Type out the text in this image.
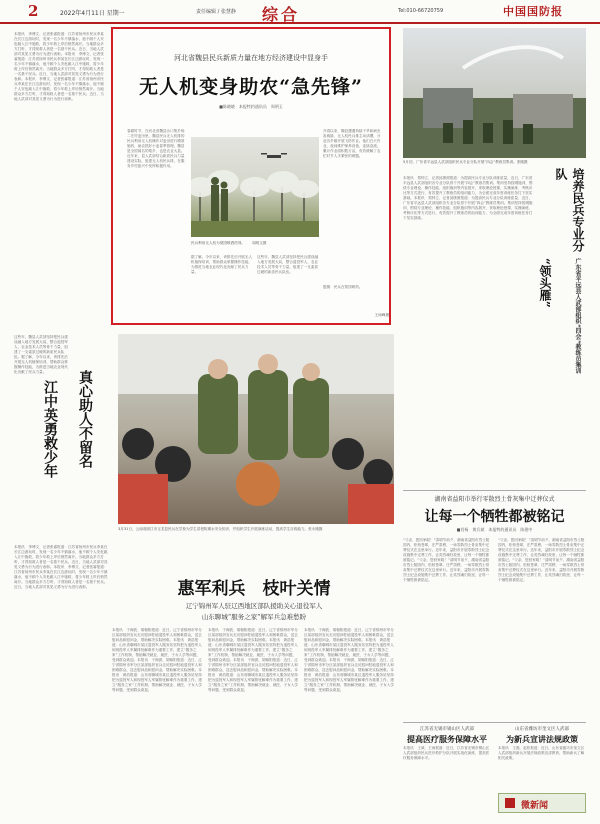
2	2022年4月11日 星期一	责任编辑 / 张慧静 综合	Tel:010-66720759	中国国防报
本报讯　李博文、记者张睿报道：江苏省扬州市民兵李某在长江边游玩时，发现一名少年不慎落水，他不顾个人安危跳入江中施救，将少年救上岸后悄然离开。当地群众多方打听，才得知救人者是一名基干民兵。近日，当地人武部对其见义勇为行为进行表彰。本报讯　李博文、记者张睿报道：江苏省扬州市民兵李某在长江边游玩时，发现一名少年不慎落水，他不顾个人安危跳入江中施救，将少年救上岸后悄然离开。当地群众多方打听，才得知救人者是一名基干民兵。近日，当地人武部对其见义勇为行为进行表彰。本报讯　李博文、记者张睿报道：江苏省扬州市民兵李某在长江边游玩时，发现一名少年不慎落水，他不顾个人安危跳入江中施救，将少年救上岸后悄然离开。当地群众多方打听，才得知救人者是一名基干民兵。近日，当地人武部对其见义勇为行为进行表彰。
河北省魏县民兵新质力量在地方经济建设中显身手
无人机变身助农“急先锋”
■陈晓晓　本报特约通讯员　周明玉
春耕时节，在河北省魏县沙口集乡杨二庄村麦田里，魏县民兵无人机排的民兵利用无人机操作对麦田进行精准施药，助农抓好小麦春季管理。魏县是全国闻名的梨乡，也是农业大县。近年来，县人武部结合新质民兵力量建设实际，组建无人机民兵排，在服务乡村振兴中发挥积极作用。
开春以来，魏县遭遇持续干旱和病虫害威胁，无人机民兵排主动请缨，分赴各乡镇开展飞防作业。他们白天作业，夜间维护保养设备，连续奋战，累计作业面积数万亩，有效缓解了农忙时节人手紧张的难题。
民兵利用无人机为梨园喷洒药剂。　　周明玉摄
据了解，今年以来，该排先后开展无人机植保培训，帮助群众掌握操作技能，为推进当地农业现代化贡献了民兵力量。
这些年，魏县人武部坚持把民兵建设融入地方发展大局，整合退役军人、农业技术人员等骨干力量，组建了一支素质过硬的新质民兵队伍。
题图：民兵在梨园喷药。
王雨峰摄
5月初，广东省平远县人武部组织民兵专业分队开展“四会”教练员集训。张刚摄
本报讯　郑钟立、记者邱康照报道：为提高民兵专业分队训练质量，近日，广东省平远县人武部组织各专业分队骨干开展“四会”教练员集训。集训坚持按纲施训，围绕专业理论、操作技能、组织施训等内容展开，采取理论授课、实操演练、考核评比等方式进行，有效提升了教练员的组训能力，为全面完成年度训练任务打下坚实基础。本报讯　郑钟立、记者邱康照报道：为提高民兵专业分队训练质量，近日，广东省平远县人武部组织各专业分队骨干开展“四会”教练员集训。集训坚持按纲施训，围绕专业理论、操作技能、组织施训等内容展开，采取理论授课、实操演练、考核评比等方式进行，有效提升了教练员的组训能力，为全面完成年度训练任务打下坚实基础。	培养民兵专业分队
“领头雁”	广东省平远县人武部组织“四会”教练员集训
这些年，魏县人武部坚持把民兵建设融入地方发展大局，整合退役军人、农业技术人员等骨干力量，组建了一支素质过硬的新质民兵队伍。据了解，今年以来，该排先后开展无人机植保培训，帮助群众掌握操作技能，为推进当地农业现代化贡献了民兵力量。	真心助人不留名
江中英勇救少年
本报讯　李博文、记者张睿报道：江苏省扬州市民兵李某在长江边游玩时，发现一名少年不慎落水，他不顾个人安危跳入江中施救，将少年救上岸后悄然离开。当地群众多方打听，才得知救人者是一名基干民兵。近日，当地人武部对其见义勇为行为进行表彰。本报讯　李博文、记者张睿报道：江苏省扬州市民兵李某在长江边游玩时，发现一名少年不慎落水，他不顾个人安危跳入江中施救，将少年救上岸后悄然离开。当地群众多方打听，才得知救人者是一名基干民兵。近日，当地人武部对其见义勇为行为进行表彰。
3月31日，云南省丽江市玉龙县民兵在学校为学生讲授防溺水安全知识，并组织学生开展演练活动，提高学生自救能力。张永刚摄
湖南省益阳市举行零散烈士骨灰集中迁葬仪式
让每一个牺牲都被铭记
■肖杨　黄兵斌　本报特约通讯员　陈建中
“父亲，您回家啦！”清明节前夕，湖南省益阳市烈士陵园内，松柏苍翠，庄严肃穆，一场零散烈士骨灰集中迁葬仪式在这里举行。近年来，益阳市开展零散烈士纪念设施集中迁葬工作，让英烈魂归故里，让每一个牺牲都被铭记。“父亲，您回家啦！”清明节前夕，湖南省益阳市烈士陵园内，松柏苍翠，庄严肃穆，一场零散烈士骨灰集中迁葬仪式在这里举行。近年来，益阳市开展零散烈士纪念设施集中迁葬工作，让英烈魂归故里，让每一个牺牲都被铭记。
“父亲，您回家啦！”清明节前夕，湖南省益阳市烈士陵园内，松柏苍翠，庄严肃穆，一场零散烈士骨灰集中迁葬仪式在这里举行。近年来，益阳市开展零散烈士纪念设施集中迁葬工作，让英烈魂归故里，让每一个牺牲都被铭记。“父亲，您回家啦！”清明节前夕，湖南省益阳市烈士陵园内，松柏苍翠，庄严肃穆，一场零散烈士骨灰集中迁葬仪式在这里举行。近年来，益阳市开展零散烈士纪念设施集中迁葬工作，让英烈魂归故里，让每一个牺牲都被铭记。
惠军利兵　枝叶关情
辽宁锦州军人驻辽西地区部队援助关心退役军人
山东聊城“服务之家”解军兵急难愁盼
本报讯　于海波、胡翰阳报道：近日，辽宁省锦州市军分区某部组织官兵走访慰问驻地退役军人和困难群众，送去慰问品和慰问金，帮助解决实际困难。本报讯　黄浩报道：山东省聊城市某区退役军人服务站坚持把为退役军人和现役军人军属排忧解难作为重要工作，建立“服务之家”工作机制，帮助解决就业、就医、子女入学等问题，受到群众欢迎。本报讯　于海波、胡翰阳报道：近日，辽宁省锦州市军分区某部组织官兵走访慰问驻地退役军人和困难群众，送去慰问品和慰问金，帮助解决实际困难。本报讯　黄浩报道：山东省聊城市某区退役军人服务站坚持把为退役军人和现役军人军属排忧解难作为重要工作，建立“服务之家”工作机制，帮助解决就业、就医、子女入学等问题，受到群众欢迎。
本报讯　于海波、胡翰阳报道：近日，辽宁省锦州市军分区某部组织官兵走访慰问驻地退役军人和困难群众，送去慰问品和慰问金，帮助解决实际困难。本报讯　黄浩报道：山东省聊城市某区退役军人服务站坚持把为退役军人和现役军人军属排忧解难作为重要工作，建立“服务之家”工作机制，帮助解决就业、就医、子女入学等问题，受到群众欢迎。本报讯　于海波、胡翰阳报道：近日，辽宁省锦州市军分区某部组织官兵走访慰问驻地退役军人和困难群众，送去慰问品和慰问金，帮助解决实际困难。本报讯　黄浩报道：山东省聊城市某区退役军人服务站坚持把为退役军人和现役军人军属排忧解难作为重要工作，建立“服务之家”工作机制，帮助解决就业、就医、子女入学等问题，受到群众欢迎。
本报讯　于海波、胡翰阳报道：近日，辽宁省锦州市军分区某部组织官兵走访慰问驻地退役军人和困难群众，送去慰问品和慰问金，帮助解决实际困难。本报讯　黄浩报道：山东省聊城市某区退役军人服务站坚持把为退役军人和现役军人军属排忧解难作为重要工作，建立“服务之家”工作机制，帮助解决就业、就医、子女入学等问题，受到群众欢迎。本报讯　于海波、胡翰阳报道：近日，辽宁省锦州市军分区某部组织官兵走访慰问驻地退役军人和困难群众，送去慰问品和慰问金，帮助解决实际困难。本报讯　黄浩报道：山东省聊城市某区退役军人服务站坚持把为退役军人和现役军人军属排忧解难作为重要工作，建立“服务之家”工作机制，帮助解决就业、就医、子女入学等问题，受到群众欢迎。
江苏省无锡市锡山区人武部
提高医疗服务保障水平
本报讯　王威、王雨报道：近日，江苏省无锡市锡山区人武部组织民兵医疗救护分队开展实战化演练，提高医疗服务保障水平。
山东省潍坊市奎文区人武部
为新兵宣讲法规政策
本报讯　王磊、赵松报道：近日，山东省潍坊市奎文区人武部组织新兵开展法规政策宣讲教育，帮助新兵了解相关政策。
微新闻
